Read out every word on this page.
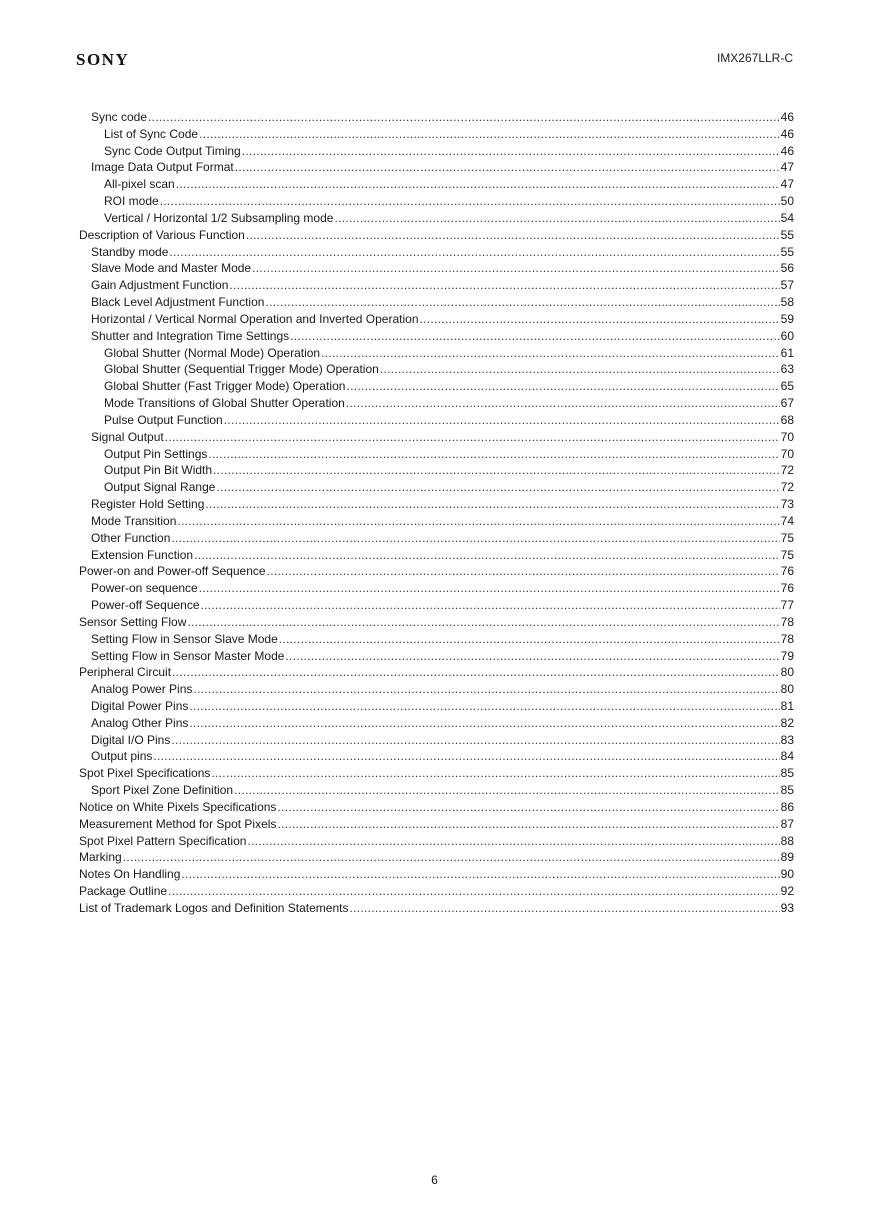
SONY	IMX267LLR-C
Sync code .....	46
List of Sync Code .....	46
Sync Code Output Timing .....	46
Image Data Output Format .....	47
All-pixel scan .....	47
ROI mode .....	50
Vertical / Horizontal 1/2 Subsampling mode .....	54
Description of Various Function .....	55
Standby mode .....	55
Slave Mode and Master Mode .....	56
Gain Adjustment Function .....	57
Black Level Adjustment Function .....	58
Horizontal / Vertical Normal Operation and Inverted Operation .....	59
Shutter and Integration Time Settings .....	60
Global Shutter (Normal Mode) Operation .....	61
Global Shutter (Sequential Trigger Mode) Operation .....	63
Global Shutter (Fast Trigger Mode) Operation .....	65
Mode Transitions of Global Shutter Operation .....	67
Pulse Output Function .....	68
Signal Output .....	70
Output Pin Settings .....	70
Output Pin Bit Width .....	72
Output Signal Range .....	72
Register Hold Setting .....	73
Mode Transition .....	74
Other Function .....	75
Extension Function .....	75
Power-on and Power-off Sequence .....	76
Power-on sequence .....	76
Power-off Sequence .....	77
Sensor Setting Flow .....	78
Setting Flow in Sensor Slave Mode .....	78
Setting Flow in Sensor Master Mode .....	79
Peripheral Circuit .....	80
Analog Power Pins .....	80
Digital Power Pins .....	81
Analog Other Pins .....	82
Digital I/O Pins .....	83
Output pins .....	84
Spot Pixel Specifications .....	85
Sport Pixel Zone Definition .....	85
Notice on White Pixels Specifications .....	86
Measurement Method for Spot Pixels .....	87
Spot Pixel Pattern Specification .....	88
Marking .....	89
Notes On Handling .....	90
Package Outline .....	92
List of Trademark Logos and Definition Statements .....	93
6
